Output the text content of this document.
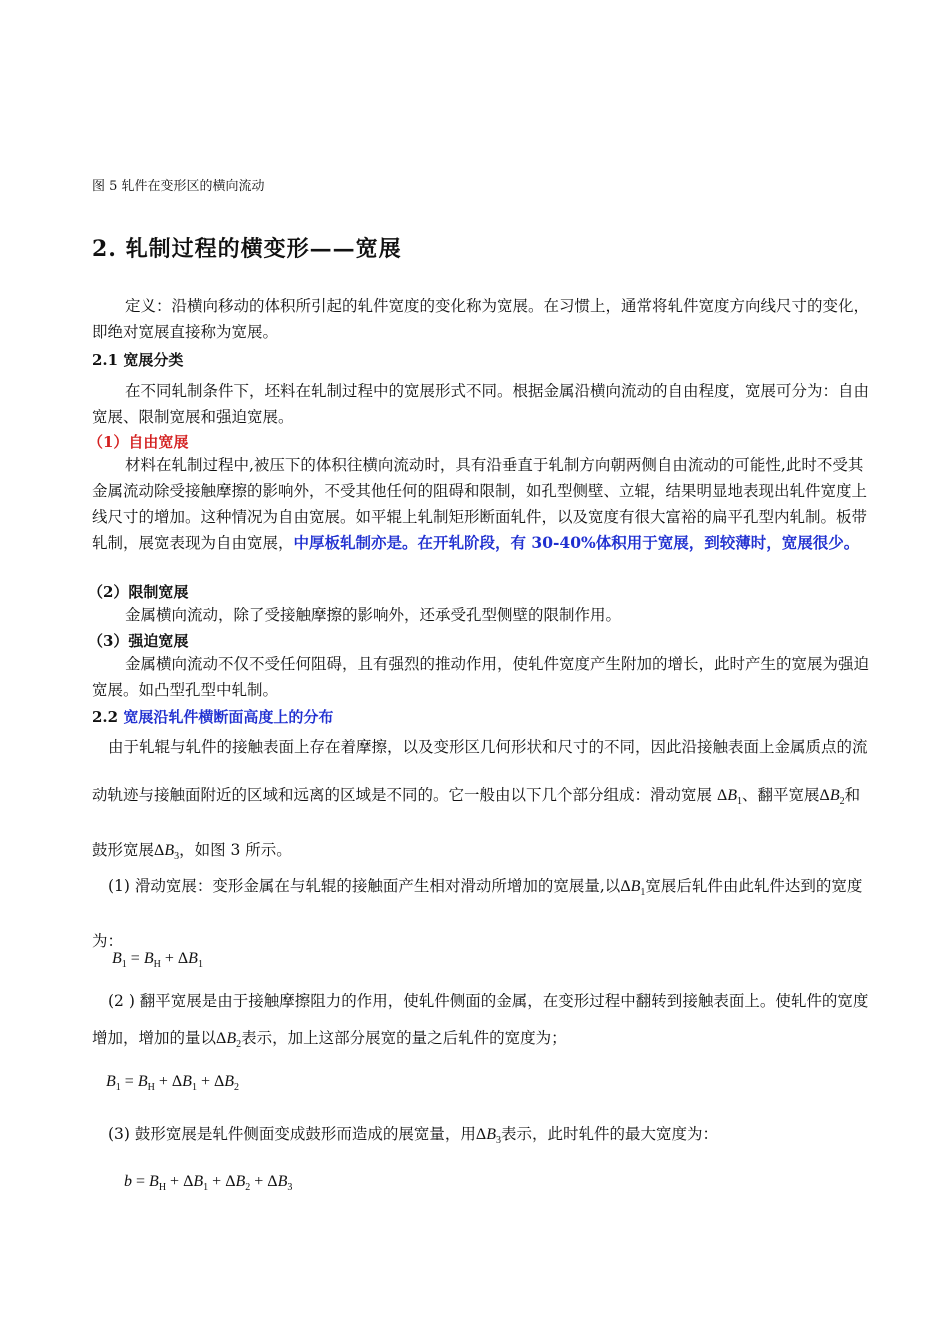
图 5 轧件在变形区的横向流动
2. 轧制过程的横变形——宽展
定义：沿横向移动的体积所引起的轧件宽度的变化称为宽展。在习惯上，通常将轧件宽度方向线尺寸的变化，即绝对宽展直接称为宽展。
2.1 宽展分类
在不同轧制条件下，坯料在轧制过程中的宽展形式不同。根据金属沿横向流动的自由程度，宽展可分为：自由宽展、限制宽展和强迫宽展。
（1）自由宽展
材料在轧制过程中,被压下的体积往横向流动时，具有沿垂直于轧制方向朝两侧自由流动的可能性,此时不受其金属流动除受接触摩擦的影响外，不受其他任何的阻碍和限制，如孔型侧壁、立辊，结果明显地表现出轧件宽度上线尺寸的增加。这种情况为自由宽展。如平辊上轧制矩形断面轧件，以及宽度有很大富裕的扁平孔型内轧制。板带轧制，展宽表现为自由宽展，中厚板轧制亦是。在开轧阶段，有 30-40%体积用于宽展，到较薄时，宽展很少。
（2）限制宽展
金属横向流动，除了受接触摩擦的影响外，还承受孔型侧壁的限制作用。
（3）强迫宽展
金属横向流动不仅不受任何阻碍，且有强烈的推动作用，使轧件宽度产生附加的增长，此时产生的宽展为强迫宽展。如凸型孔型中轧制。
2.2 宽展沿轧件横断面高度上的分布
由于轧辊与轧件的接触表面上存在着摩擦，以及变形区几何形状和尺寸的不同，因此沿接触表面上金属质点的流动轨迹与接触面附近的区域和远离的区域是不同的。它一般由以下几个部分组成：滑动宽展 $\Delta B_1$、翻平宽展$\Delta B_2$和鼓形宽展$\Delta B_3$，如图 3 所示。
(1) 滑动宽展：变形金属在与轧辊的接触面产生相对滑动所增加的宽展量,以$\Delta B_1$宽展后轧件由此轧件达到的宽度为：
$B_1 = B_H + \Delta B_1$
(2 ) 翻平宽展是由于接触摩擦阻力的作用，使轧件侧面的金属，在变形过程中翻转到接触表面上。使轧件的宽度增加，增加的量以$\Delta B_2$表示，加上这部分展宽的量之后轧件的宽度为；
$B_1 = B_H + \Delta B_1 + \Delta B_2$
(3) 鼓形宽展是轧件侧面变成鼓形而造成的展宽量，用$\Delta B_3$表示，此时轧件的最大宽度为：
$b = B_H + \Delta B_1 + \Delta B_2 + \Delta B_3$
